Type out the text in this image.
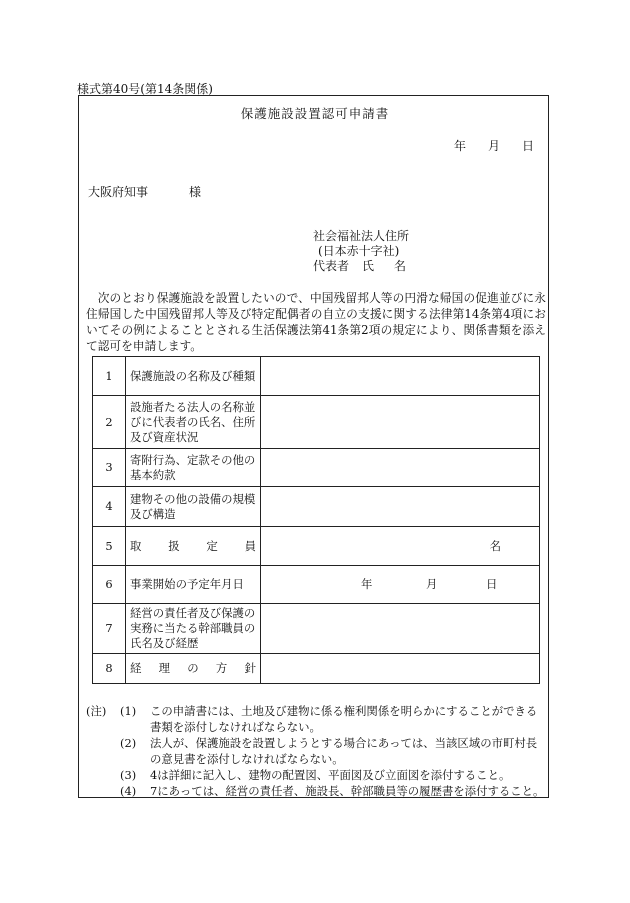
様式第40号(第14条関係)
保護施設設置認可申請書
年 月 日
大阪府知事	様
社会福祉法人住所
(日本赤十字社)
代表者 氏 名
次のとおり保護施設を設置したいので、中国残留邦人等の円滑な帰国の促進並びに永住帰国した中国残留邦人等及び特定配偶者の自立の支援に関する法律第14条第4項においてその例によることとされる生活保護法第41条第2項の規定により、関係書類を添えて認可を申請します。
1	保護施設の名称及び種類	
2	設施者たる法人の名称並びに代表者の氏名、住所及び資産状況	
3	寄附行為、定款その他の基本約款	
4	建物その他の設備の規模及び構造	
5	取 扱 定 員	名

6	事業開始の予定年月日	年 月 日

7	経営の責任者及び保護の実務に当たる幹部職員の氏名及び経歴	
8	経 理 の 方 針	

(注)	(1)	この申請書には、土地及び建物に係る権利関係を明らかにすることができる書類を添付しなければならない。
(2)	法人が、保護施設を設置しようとする場合にあっては、当該区域の市町村長の意見書を添付しなければならない。
(3)	4は詳細に記入し、建物の配置図、平面図及び立面図を添付すること。
(4)	7にあっては、経営の責任者、施設長、幹部職員等の履歴書を添付すること。
